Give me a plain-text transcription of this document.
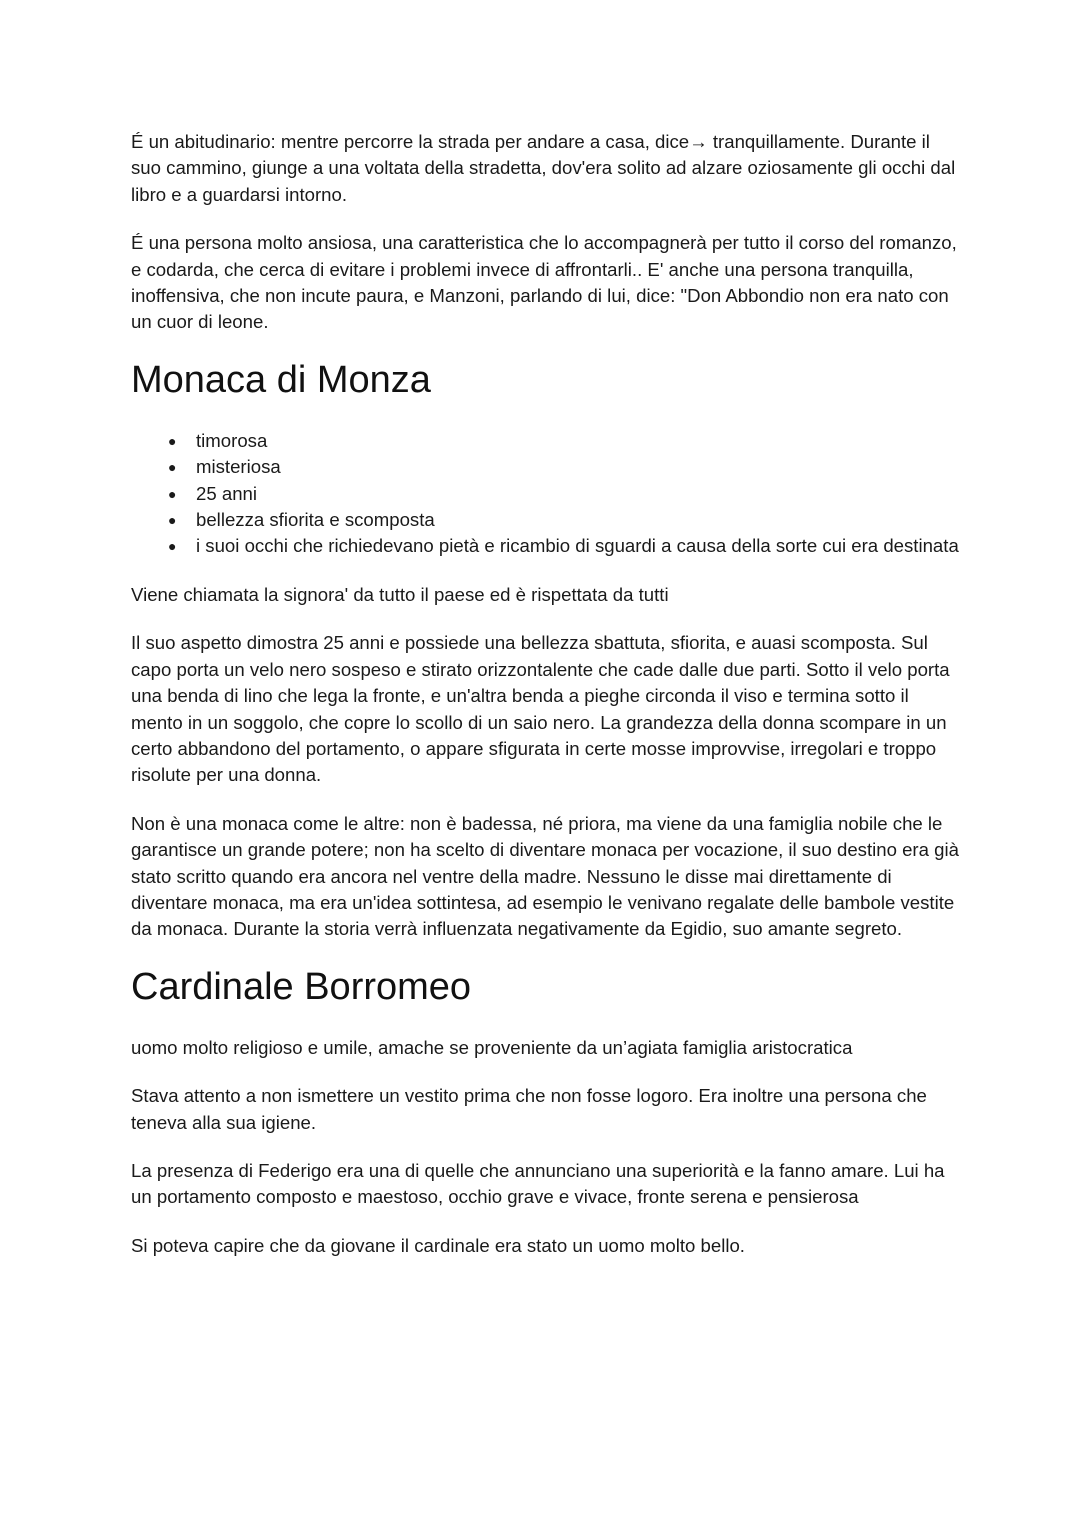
É un abitudinario: mentre percorre la strada per andare a casa, dice→ tranquillamente. Durante il suo cammino, giunge a una voltata della stradetta, dov'era solito ad alzare oziosamente gli occhi dal libro e a guardarsi intorno.

É una persona molto ansiosa, una caratteristica che lo accompagnerà per tutto il corso del romanzo, e codarda, che cerca di evitare i problemi invece di affrontarli.. E' anche una persona tranquilla, inoffensiva, che non incute paura, e Manzoni, parlando di lui, dice: "Don Abbondio non era nato con un cuor di leone.

Monaca di Monza
● timorosa
● misteriosa
● 25 anni
● bellezza sfiorita e scomposta
● i suoi occhi che richiedevano pietà e ricambio di sguardi a causa della sorte cui era destinata

Viene chiamata la signora' da tutto il paese ed è rispettata da tutti

Il suo aspetto dimostra 25 anni e possiede una bellezza sbattuta, sfiorita, e auasi scomposta. Sul capo porta un velo nero sospeso e stirato orizzontalente che cade dalle due parti. Sotto il velo porta una benda di lino che lega la fronte, e un'altra benda a pieghe circonda il viso e termina sotto il mento in un soggolo, che copre lo scollo di un saio nero. La grandezza della donna scompare in un certo abbandono del portamento, o appare sfigurata in certe mosse improvvise, irregolari e troppo risolute per una donna.

Non è una monaca come le altre: non è badessa, né priora, ma viene da una famiglia nobile che le garantisce un grande potere; non ha scelto di diventare monaca per vocazione, il suo destino era già stato scritto quando era ancora nel ventre della madre. Nessuno le disse mai direttamente di diventare monaca, ma era un'idea sottintesa, ad esempio le venivano regalate delle bambole vestite da monaca. Durante la storia verrà influenzata negativamente da Egidio, suo amante segreto.

Cardinale Borromeo

uomo molto religioso e umile, amache se proveniente da un’agiata famiglia aristocratica

Stava attento a non ismettere un vestito prima che non fosse logoro. Era inoltre una persona che teneva alla sua igiene.

La presenza di Federigo era una di quelle che annunciano una superiorità e la fanno amare. Lui ha un portamento composto e maestoso, occhio grave e vivace, fronte serena e pensierosa

Si poteva capire che da giovane il cardinale era stato un uomo molto bello.
